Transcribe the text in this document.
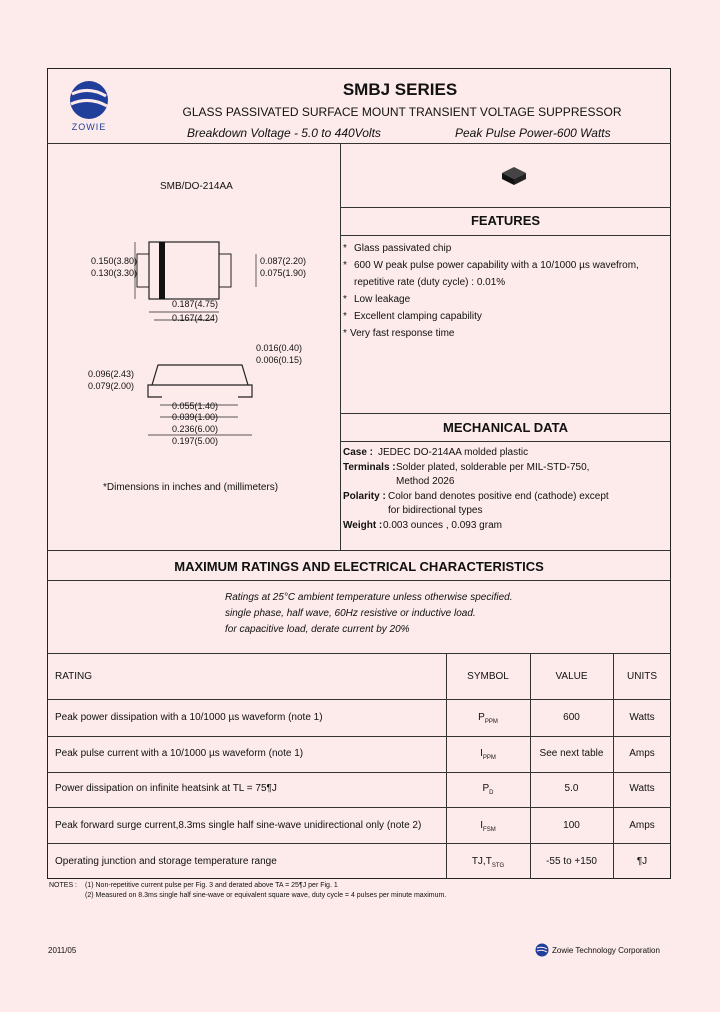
ZOWIE
SMBJ SERIES
GLASS PASSIVATED SURFACE MOUNT TRANSIENT VOLTAGE SUPPRESSOR
Breakdown Voltage - 5.0 to 440Volts	Peak Pulse Power-600 Watts
SMB/DO-214AA
0.150(3.80)
0.130(3.30)
0.087(2.20)
0.075(1.90)
0.187(4.75)
0.167(4.24)
0.016(0.40)
0.006(0.15)
0.096(2.43)
0.079(2.00)
0.055(1.40)
0.039(1.00)
0.236(6.00)
0.197(5.00)
*Dimensions in inches and (millimeters)
FEATURES
* Glass passivated chip
* 600 W peak pulse power capability with a 10/1000 µs wavefrom,
repetitive rate (duty cycle) : 0.01%
* Low leakage
* Excellent clamping capability
* Very fast response time
MECHANICAL DATA
Case : JEDEC DO-214AA molded plastic
Terminals : Solder plated, solderable per MIL-STD-750,
Method 2026
Polarity : Color band denotes positive end (cathode) except
for bidirectional types
Weight : 0.003 ounces , 0.093 gram
MAXIMUM RATINGS AND ELECTRICAL CHARACTERISTICS
Ratings at 25°C ambient temperature unless otherwise specified.
single phase, half wave, 60Hz resistive or inductive load.
for capacitive load, derate current by 20%
RATING	SYMBOL	VALUE	UNITS
Peak power dissipation with a 10/1000 µs waveform (note 1)	$P_{PPM}$	600	Watts
Peak pulse current with a 10/1000 µs waveform (note 1)	$I_{PPM}$	See next table	Amps
Power dissipation on infinite heatsink at TL = 75¶J	$P_D$	5.0	Watts
Peak forward surge current,8.3ms single half sine-wave unidirectional only (note 2)	$I_{FSM}$	100	Amps
Operating junction and storage temperature range	$TJ,T_{STG}$	-55 to +150	¶J
NOTES : (1) Non-repetitive current pulse per Fig. 3 and derated above TA = 25¶J per Fig. 1
(2) Measured on 8.3ms single half sine-wave or equivalent square wave, duty cycle = 4 pulses per minute maximum.
2011/05	Zowie Technology Corporation
